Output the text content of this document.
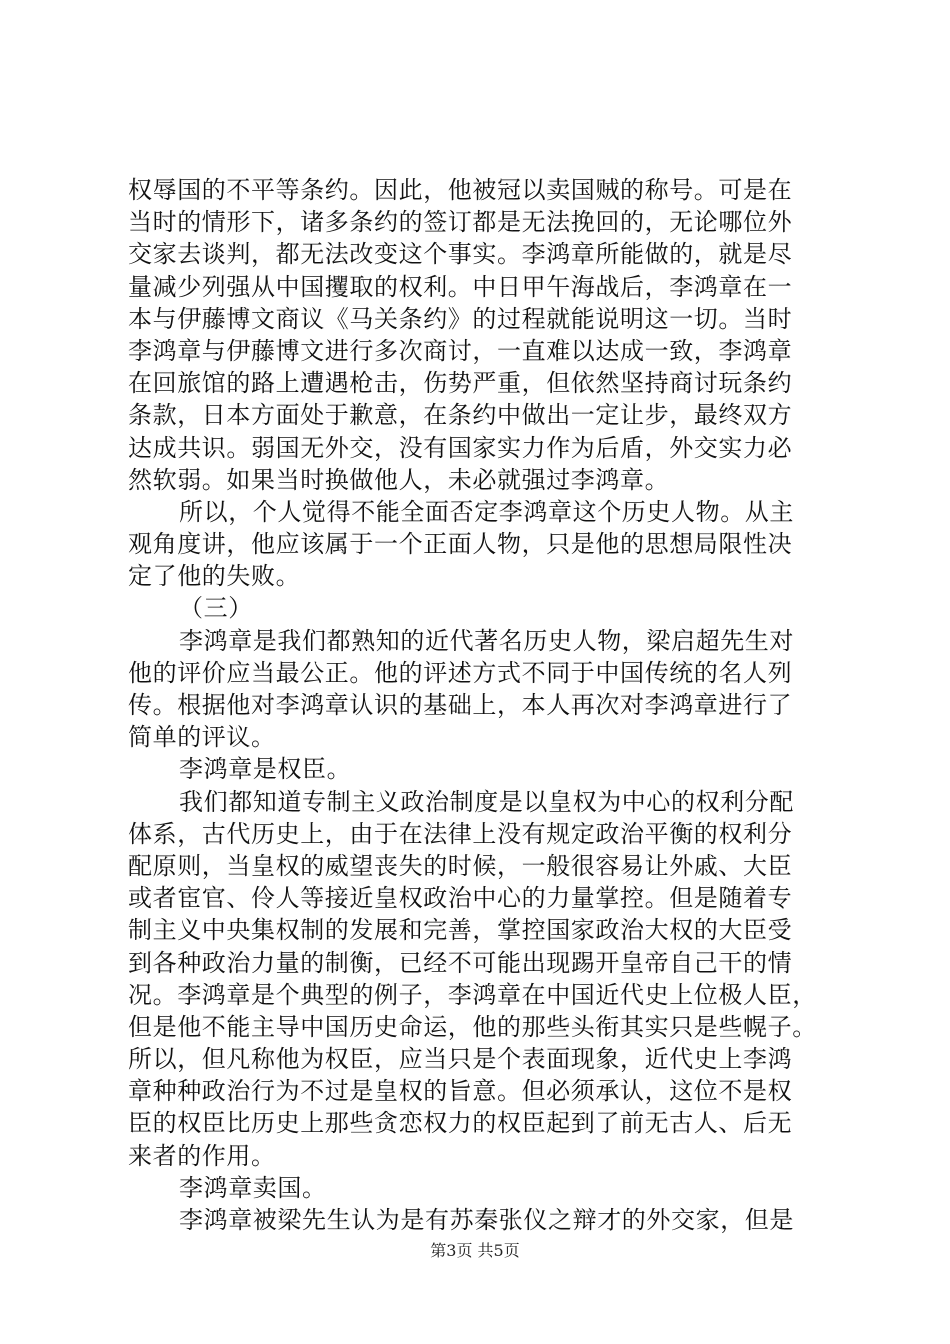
权辱国的不平等条约。因此，他被冠以卖国贼的称号。可是在
当时的情形下，诸多条约的签订都是无法挽回的，无论哪位外
交家去谈判，都无法改变这个事实。李鸿章所能做的，就是尽
量减少列强从中国攫取的权利。中日甲午海战后，李鸿章在一
本与伊藤博文商议《马关条约》的过程就能说明这一切。当时
李鸿章与伊藤博文进行多次商讨，一直难以达成一致，李鸿章
在回旅馆的路上遭遇枪击，伤势严重，但依然坚持商讨玩条约
条款，日本方面处于歉意，在条约中做出一定让步，最终双方
达成共识。弱国无外交，没有国家实力作为后盾，外交实力必
然软弱。如果当时换做他人，未必就强过李鸿章。
所以，个人觉得不能全面否定李鸿章这个历史人物。从主
观角度讲，他应该属于一个正面人物，只是他的思想局限性决
定了他的失败。
（三）
李鸿章是我们都熟知的近代著名历史人物，梁启超先生对
他的评价应当最公正。他的评述方式不同于中国传统的名人列
传。根据他对李鸿章认识的基础上，本人再次对李鸿章进行了
简单的评议。
李鸿章是权臣。
我们都知道专制主义政治制度是以皇权为中心的权利分配
体系，古代历史上，由于在法律上没有规定政治平衡的权利分
配原则，当皇权的威望丧失的时候，一般很容易让外戚、大臣
或者宦官、伶人等接近皇权政治中心的力量掌控。但是随着专
制主义中央集权制的发展和完善，掌控国家政治大权的大臣受
到各种政治力量的制衡，已经不可能出现踢开皇帝自己干的情
况。李鸿章是个典型的例子，李鸿章在中国近代史上位极人臣，
但是他不能主导中国历史命运，他的那些头衔其实只是些幌子。
所以，但凡称他为权臣，应当只是个表面现象，近代史上李鸿
章种种政治行为不过是皇权的旨意。但必须承认，这位不是权
臣的权臣比历史上那些贪恋权力的权臣起到了前无古人、后无
来者的作用。
李鸿章卖国。
李鸿章被梁先生认为是有苏秦张仪之辩才的外交家，但是
第3页 共5页
